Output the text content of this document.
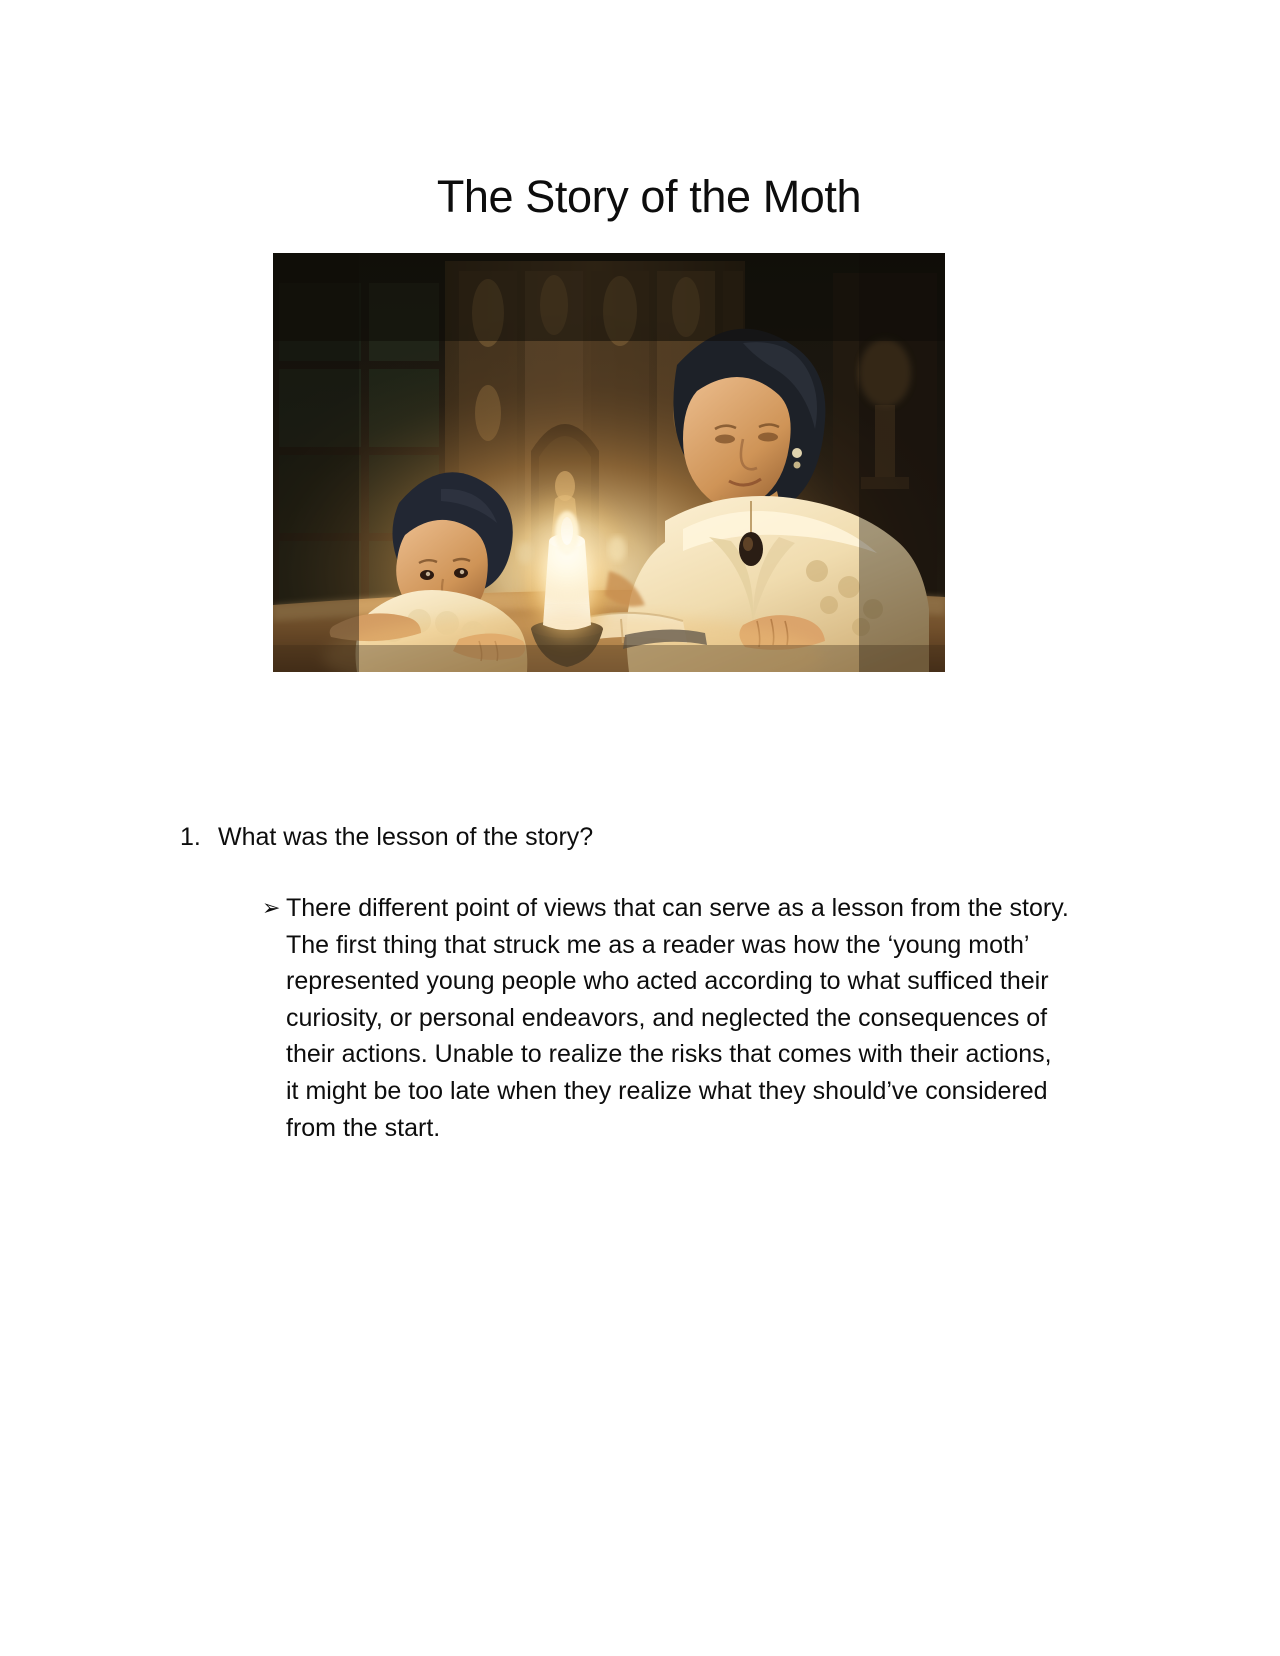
The Story of the Moth
1. What was the lesson of the story?
➢ There different point of views that can serve as a lesson from the story. The first thing that struck me as a reader was how the ‘young moth’ represented young people who acted according to what sufficed their curiosity, or personal endeavors, and neglected the consequences of their actions. Unable to realize the risks that comes with their actions, it might be too late when they realize what they should’ve considered from the start.
